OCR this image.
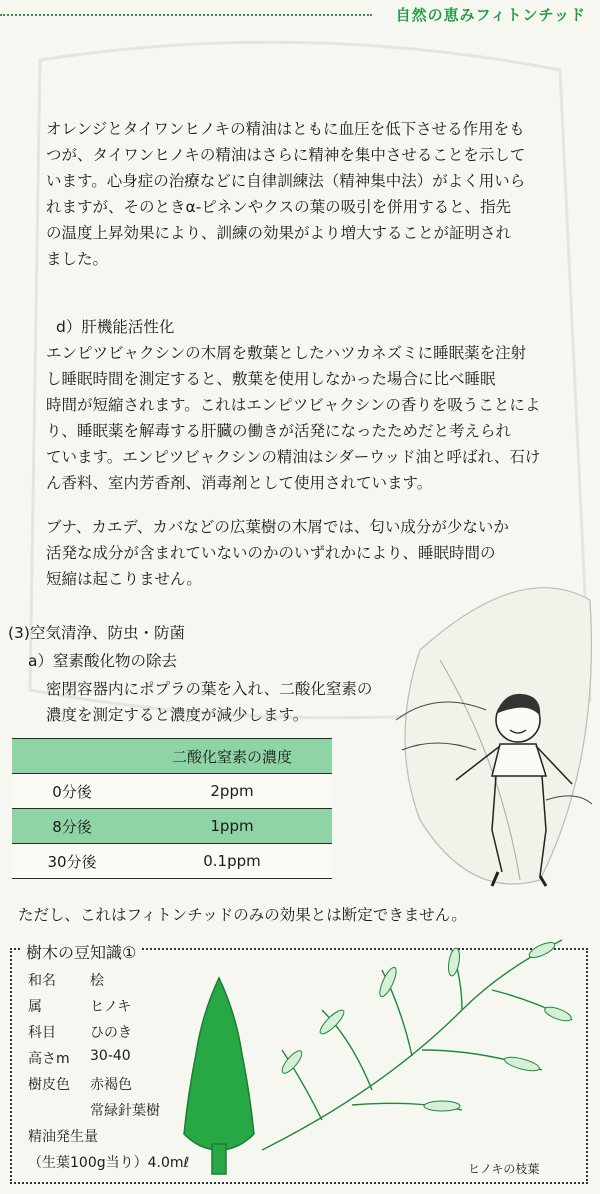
自然の恵みフィトンチッド

オレンジとタイワンヒノキの精油はともに血圧を低下させる作用をも
つが、タイワンヒノキの精油はさらに精神を集中させることを示して
います。心身症の治療などに自律訓練法（精神集中法）がよく用いら
れますが、そのときα-ピネンやクスの葉の吸引を併用すると、指先
の温度上昇効果により、訓練の効果がより増大することが証明され
ました。

d）肝機能活性化

エンピツビャクシンの木屑を敷葉としたハツカネズミに睡眠薬を注射
し睡眠時間を測定すると、敷葉を使用しなかった場合に比べ睡眠
時間が短縮されます。これはエンピツビャクシンの香りを吸うことによ
り、睡眠薬を解毒する肝臓の働きが活発になったためだと考えられ
ています。エンピツビャクシンの精油はシダーウッド油と呼ばれ、石け
ん香料、室内芳香剤、消毒剤として使用されています。

ブナ、カエデ、カバなどの広葉樹の木屑では、匂い成分が少ないか
活発な成分が含まれていないのかのいずれかにより、睡眠時間の
短縮は起こりません。

(3)空気清浄、防虫・防菌
a）窒素酸化物の除去

密閉容器内にポプラの葉を入れ、二酸化窒素の
濃度を測定すると濃度が減少します。

	二酸化窒素の濃度
0分後	2ppm
8分後	1ppm
30分後	0.1ppm
ただし、これはフィトンチッドのみの効果とは断定できません。
樹木の豆知識①
和名 桧
属	ヒノキ
科目 ひのき
高さm 30-40
樹皮色 赤褐色
常緑針葉樹
精油発生量
（生葉100g当り）4.0mℓ	ヒノキの枝葉
